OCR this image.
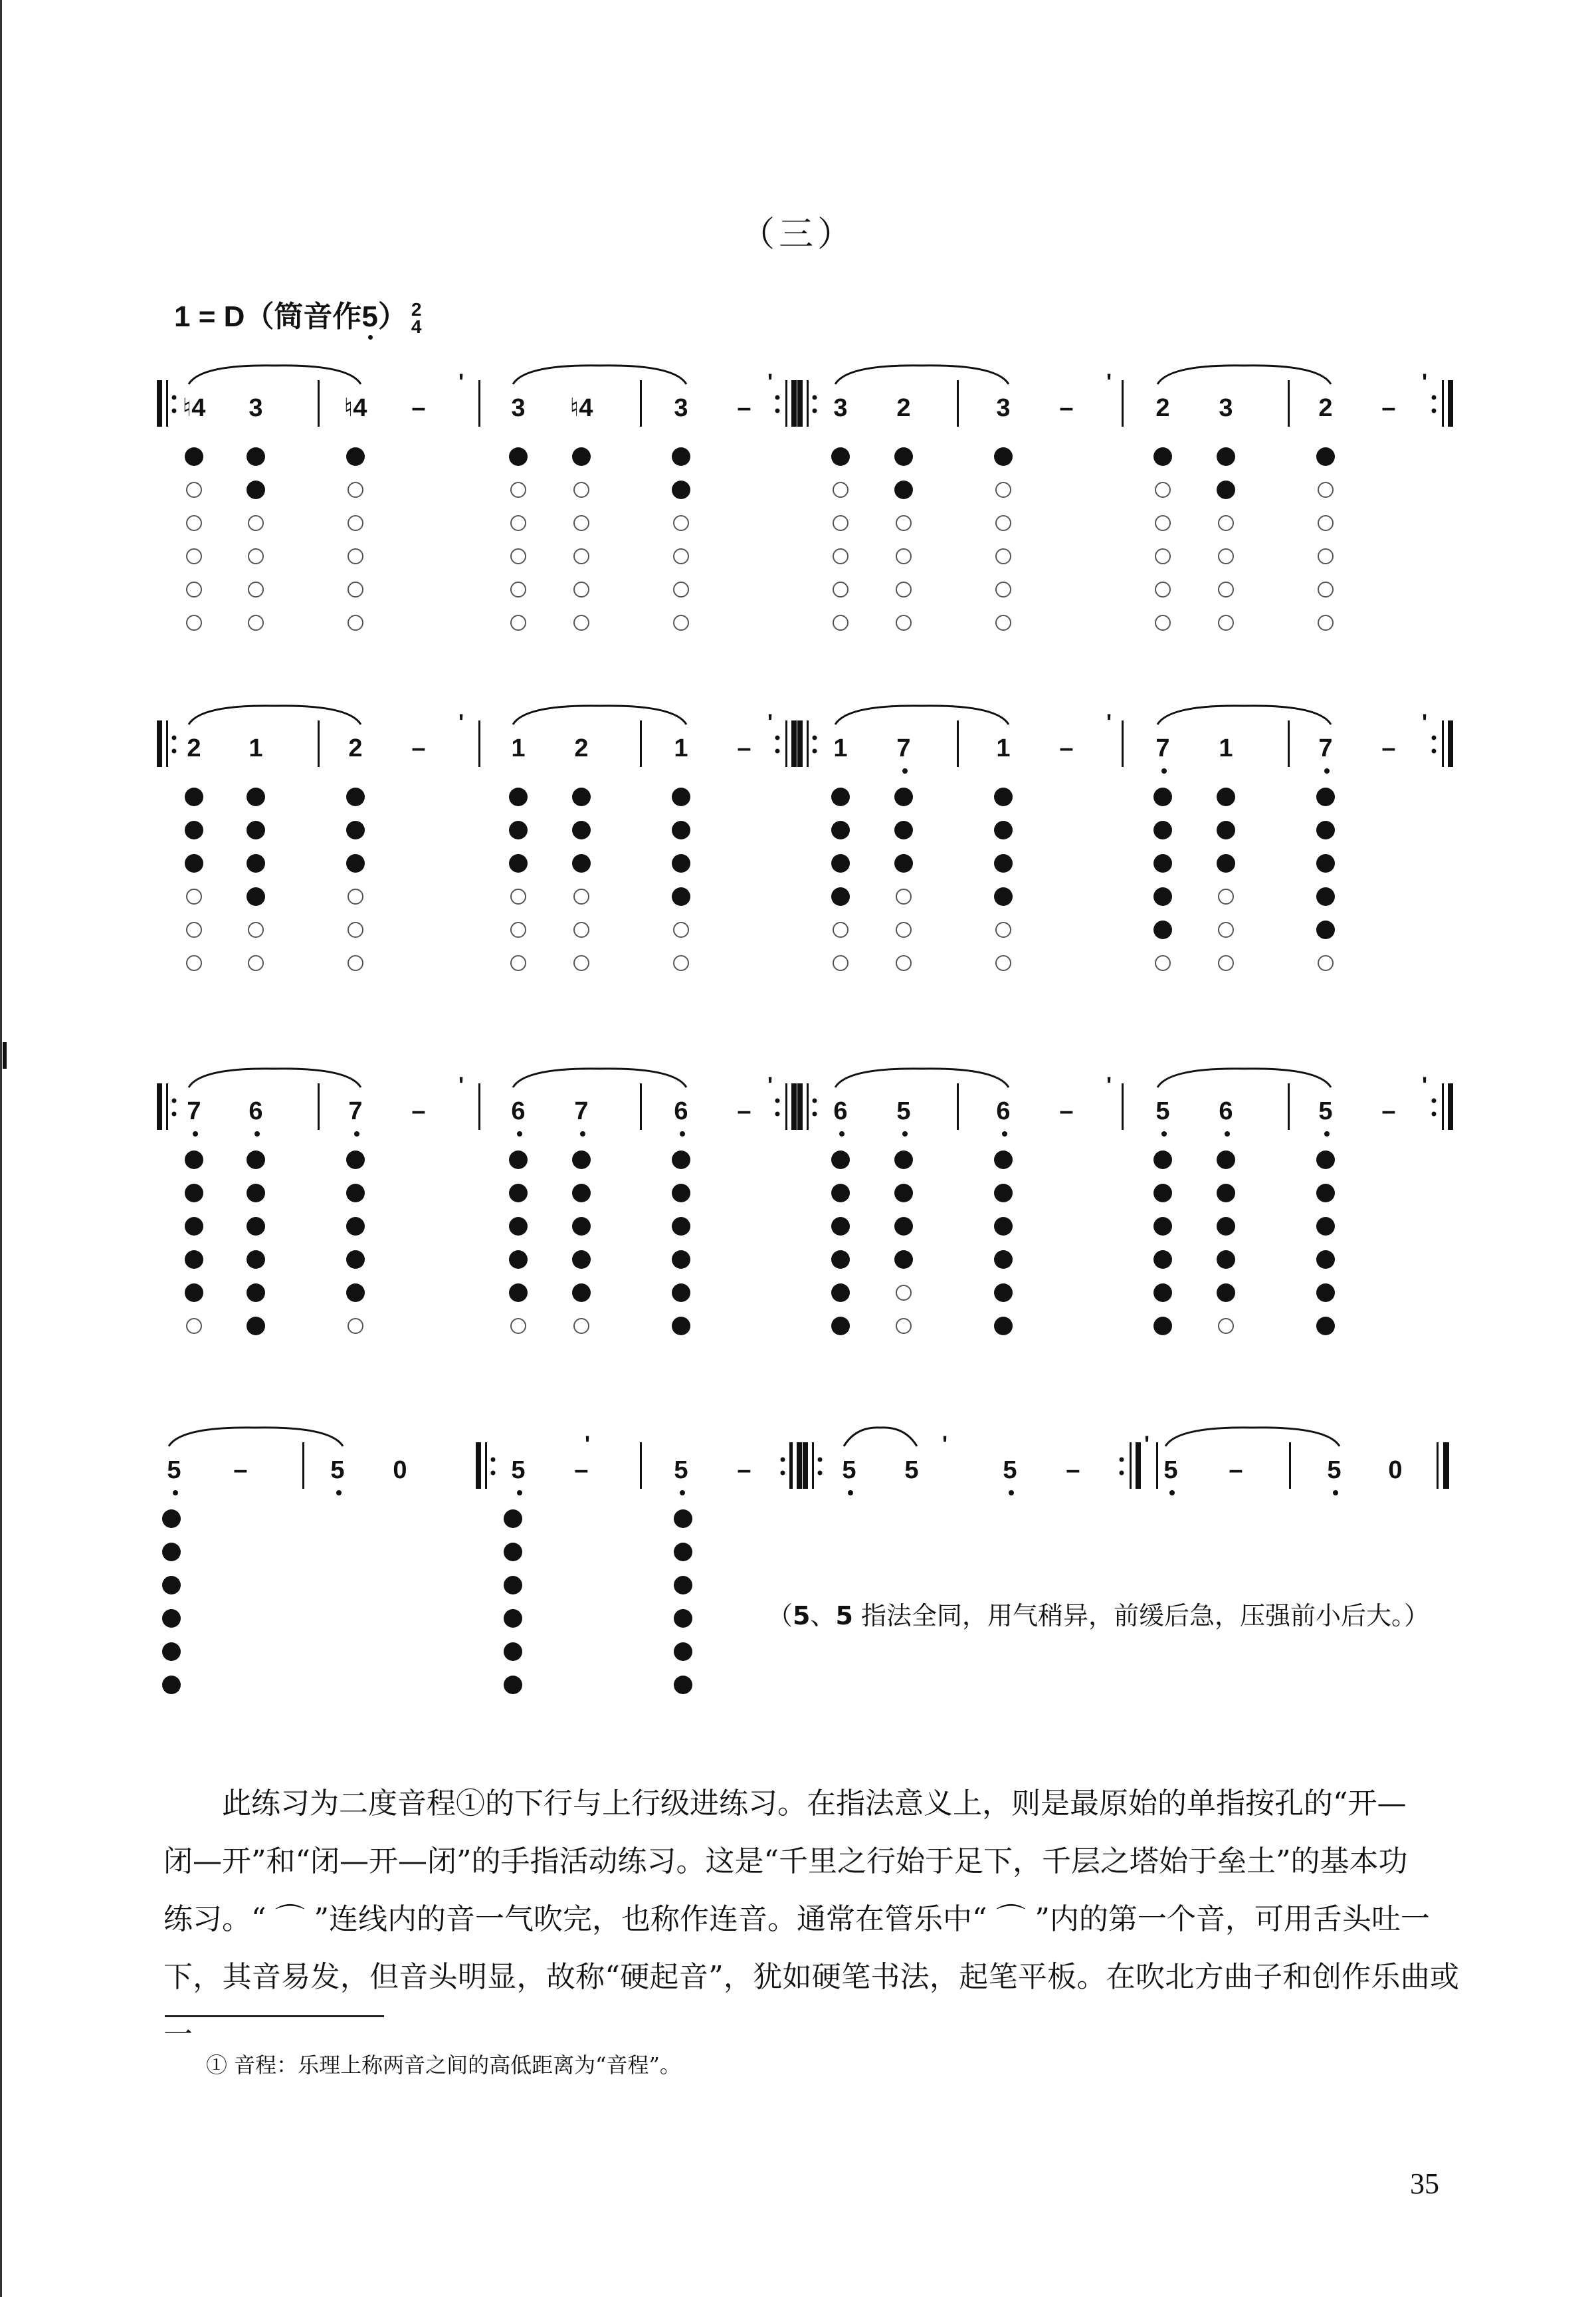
（三）
1 = D（筒音作5） 2
4
♮4 3	♮4 –	3 ♮4	3 –	3 2	3 –	2 3	2 –
'	'	'	'
2 1	2 –	1 2	1 –	1 7	1 –	7 1	7 –
'	'	'	'
7 6	7 –	6 7	6 –	6 5	6 –	5 6	5 –
'	'	'	'
5 –	5 0	5 –	5 –	5 5	5 –	5 –	5 0
'	'	'
（5、5 指法全同，用气稍异，前缓后急，压强前小后大。）
此练习为二度音程①的下行与上行级进练习。在指法意义上，则是最原始的单指按孔的“开—
闭—开”和“闭—开—闭”的手指活动练习。这是“千里之行始于足下，千层之塔始于垒土”的基本功
练习。“ ⌒ ”连线内的音一气吹完，也称作连音。通常在管乐中“ ⌒ ”内的第一个音，可用舌头吐一
下，其音易发，但音头明显，故称“硬起音”，犹如硬笔书法，起笔平板。在吹北方曲子和创作乐曲或一
① 音程：乐理上称两音之间的高低距离为“音程”。
35
